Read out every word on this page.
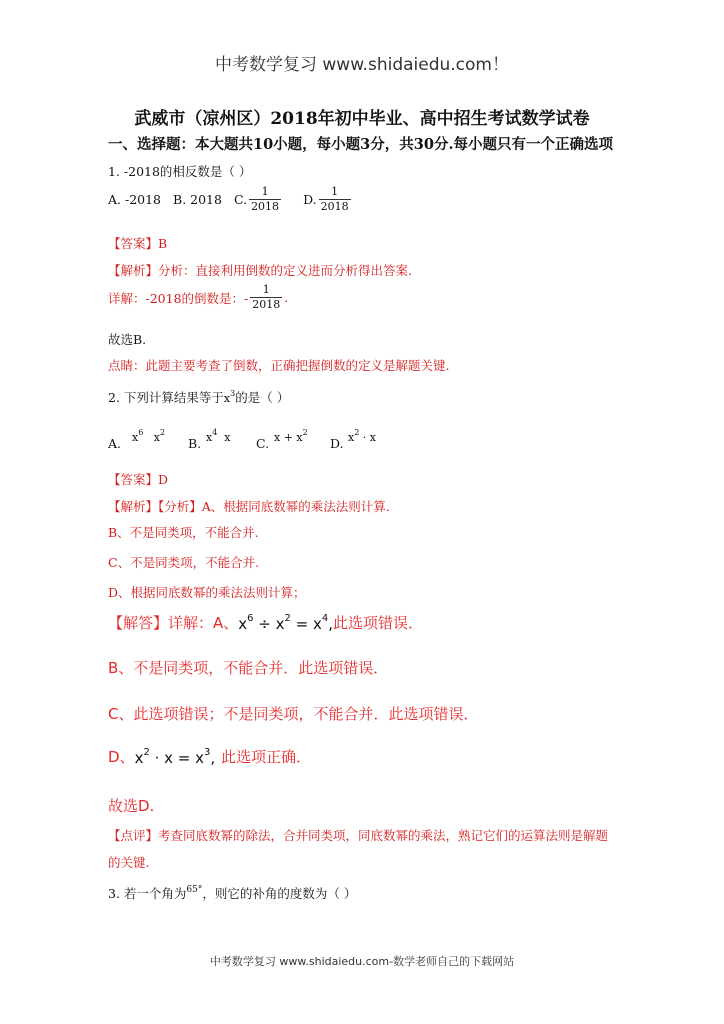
中考数学复习 www.shidaiedu.com！
武威市（凉州区）2018年初中毕业、高中招生考试数学试卷
一、选择题：本大题共10小题，每小题3分，共30分.每小题只有一个正确选项
1. -2018的相反数是（ ）
A. -2018 B. 2018 C. $\frac{1}{2018} D$. $\frac{1}{2018}$
【答案】B
【解析】分析：直接利用倒数的定义进而分析得出答案.
详解：-2018的倒数是：- $\frac{1}{2018}$ .
故选B.
点睛：此题主要考查了倒数，正确把握倒数的定义是解题关键.
2. 下列计算结果等于$x^3$的是（ ）
A. $x^6$   $x^2$
B. $x^4$  x C. $x + x^2$
D. $x^2 \cdot x$
【答案】D
【解析】【分析】A、根据同底数幂的乘法法则计算.
B、不是同类项，不能合并.
C、不是同类项，不能合并.
D、根据同底数幂的乘法法则计算；
【解答】详解：A、 $x^6 \div x^2 = x^4$, 此选项错误．
B、不是同类项，不能合并．此选项错误．
C、此选项错误；不是同类项，不能合并．此选项错误．
D、 $x^2 \cdot x = x^3$, 此选项正确．
故选D.
【点评】考查同底数幂的除法，合并同类项，同底数幂的乘法，熟记它们的运算法则是解题
的关键.
3. 若一个角为$^{65^\circ}$，则它的补角的度数为（ ）
中考数学复习 www.shidaiedu.com-数学老师自己的下载网站
